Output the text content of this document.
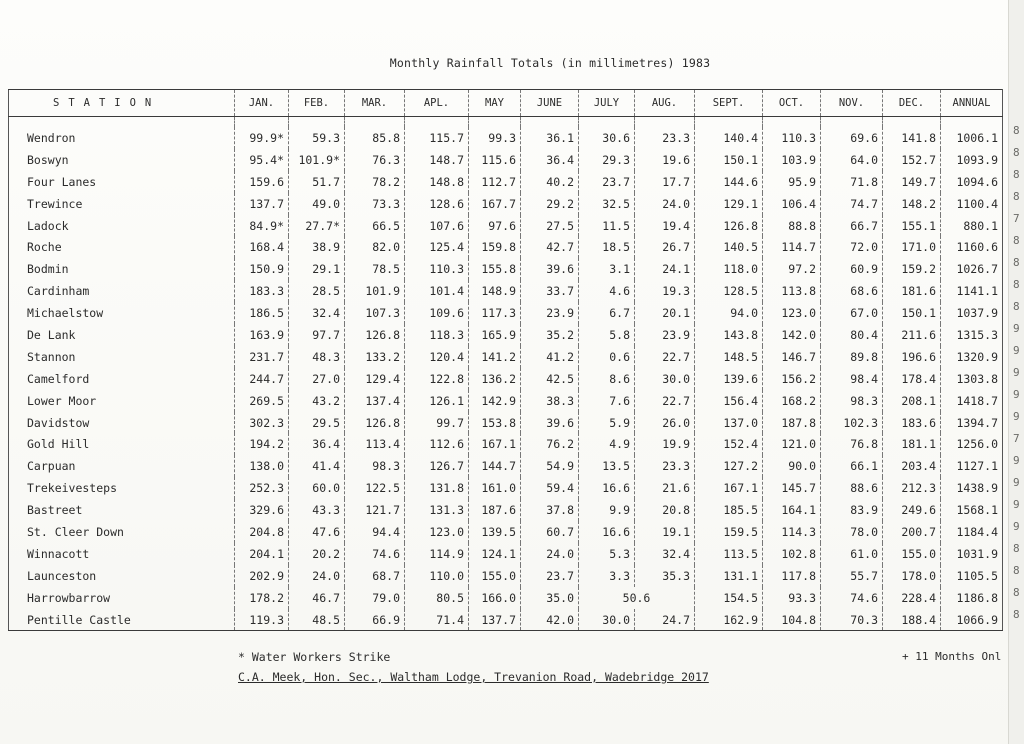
8
8
8
8
7
8
8
8
8
9
9
9
9
9
7
9
9
9
9
8
8
8
8
Monthly Rainfall Totals (in millimetres) 1983
STATION	JAN.	FEB.	MAR.	APL.	MAY	JUNE	JULY	AUG.	SEPT.	OCT.	NOV.	DEC.	ANNUAL

Wendron	99.9*	59.3	85.8	115.7	99.3	36.1	30.6	23.3	140.4	110.3	69.6	141.8	1006.1
Boswyn	95.4*	101.9*	76.3	148.7	115.6	36.4	29.3	19.6	150.1	103.9	64.0	152.7	1093.9
Four Lanes	159.6	51.7	78.2	148.8	112.7	40.2	23.7	17.7	144.6	95.9	71.8	149.7	1094.6
Trewince	137.7	49.0	73.3	128.6	167.7	29.2	32.5	24.0	129.1	106.4	74.7	148.2	1100.4
Ladock	84.9*	27.7*	66.5	107.6	97.6	27.5	11.5	19.4	126.8	88.8	66.7	155.1	880.1
Roche	168.4	38.9	82.0	125.4	159.8	42.7	18.5	26.7	140.5	114.7	72.0	171.0	1160.6
Bodmin	150.9	29.1	78.5	110.3	155.8	39.6	3.1	24.1	118.0	97.2	60.9	159.2	1026.7
Cardinham	183.3	28.5	101.9	101.4	148.9	33.7	4.6	19.3	128.5	113.8	68.6	181.6	1141.1
Michaelstow	186.5	32.4	107.3	109.6	117.3	23.9	6.7	20.1	94.0	123.0	67.0	150.1	1037.9
De Lank	163.9	97.7	126.8	118.3	165.9	35.2	5.8	23.9	143.8	142.0	80.4	211.6	1315.3
Stannon	231.7	48.3	133.2	120.4	141.2	41.2	0.6	22.7	148.5	146.7	89.8	196.6	1320.9
Camelford	244.7	27.0	129.4	122.8	136.2	42.5	8.6	30.0	139.6	156.2	98.4	178.4	1303.8
Lower Moor	269.5	43.2	137.4	126.1	142.9	38.3	7.6	22.7	156.4	168.2	98.3	208.1	1418.7
Davidstow	302.3	29.5	126.8	99.7	153.8	39.6	5.9	26.0	137.0	187.8	102.3	183.6	1394.7
Gold Hill	194.2	36.4	113.4	112.6	167.1	76.2	4.9	19.9	152.4	121.0	76.8	181.1	1256.0
Carpuan	138.0	41.4	98.3	126.7	144.7	54.9	13.5	23.3	127.2	90.0	66.1	203.4	1127.1
Trekeivesteps	252.3	60.0	122.5	131.8	161.0	59.4	16.6	21.6	167.1	145.7	88.6	212.3	1438.9
Bastreet	329.6	43.3	121.7	131.3	187.6	37.8	9.9	20.8	185.5	164.1	83.9	249.6	1568.1
St. Cleer Down	204.8	47.6	94.4	123.0	139.5	60.7	16.6	19.1	159.5	114.3	78.0	200.7	1184.4
Winnacott	204.1	20.2	74.6	114.9	124.1	24.0	5.3	32.4	113.5	102.8	61.0	155.0	1031.9
Launceston	202.9	24.0	68.7	110.0	155.0	23.7	3.3	35.3	131.1	117.8	55.7	178.0	1105.5
Harrowbarrow	178.2	46.7	79.0	80.5	166.0	35.0	50.6		154.5	93.3	74.6	228.4	1186.8
Pentille Castle	119.3	48.5	66.9	71.4	137.7	42.0	30.0	24.7	162.9	104.8	70.3	188.4	1066.9
* Water Workers Strike	+ 11 Months Onl
C.A. Meek, Hon. Sec., Waltham Lodge, Trevanion Road, Wadebridge 2017
